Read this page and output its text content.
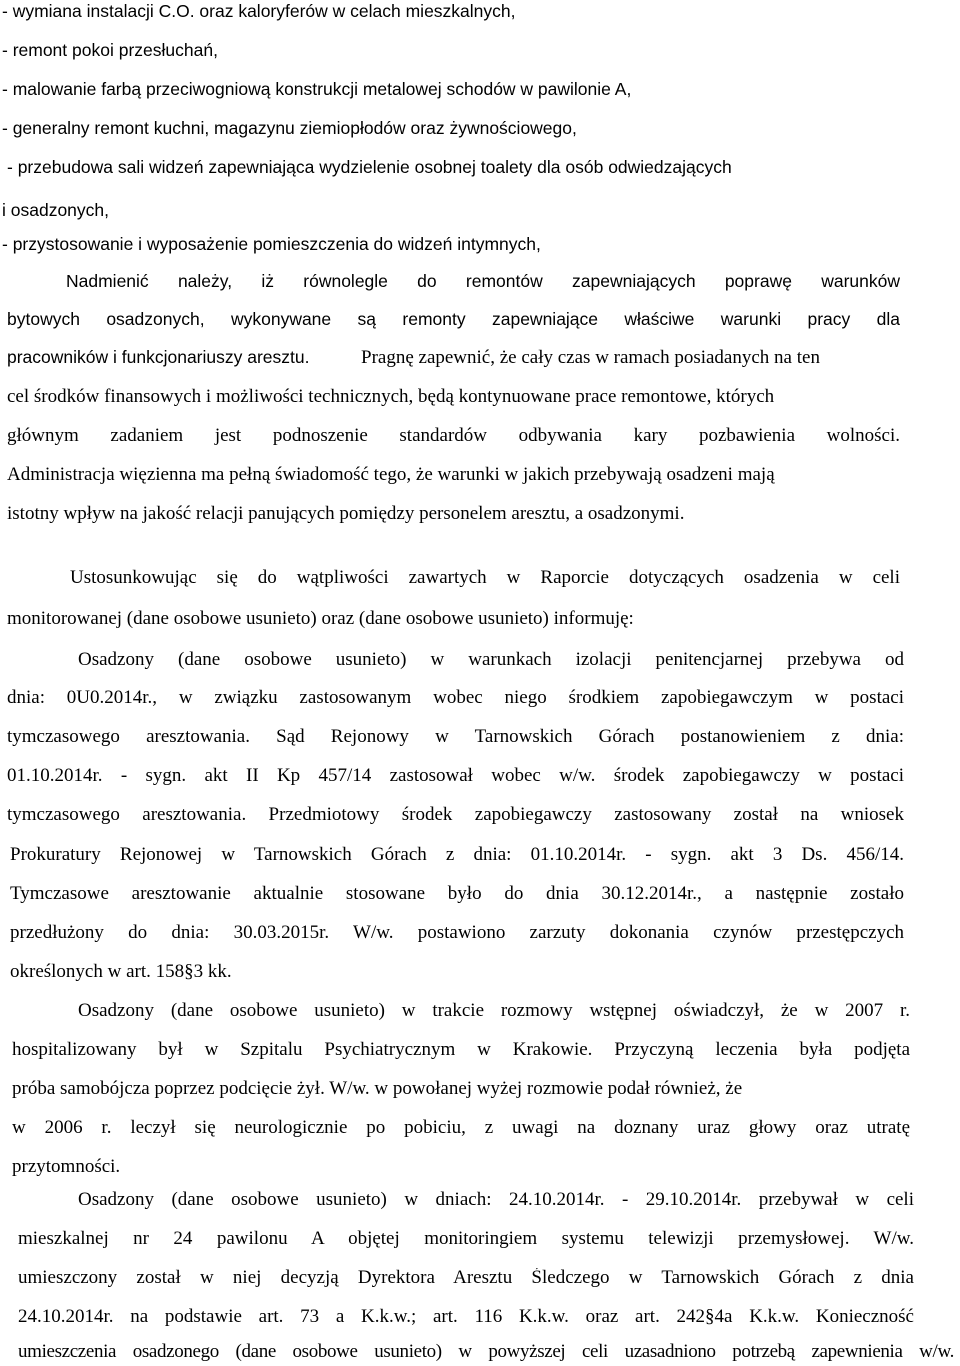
- wymiana instalacji C.O. oraz kaloryferów w celach mieszkalnych,
- remont pokoi przesłuchań,
- malowanie farbą przeciwogniową konstrukcji metalowej schodów w pawilonie A,
- generalny remont kuchni, magazynu ziemiopłodów oraz żywnościowego,
- przebudowa sali widzeń zapewniająca wydzielenie osobnej toalety dla osób odwiedzających
i osadzonych,
- przystosowanie i wyposażenie pomieszczenia do widzeń intymnych,
Nadmienić należy, iż równolegle do remontów zapewniających poprawę warunków
bytowych osadzonych, wykonywane są remonty zapewniające właściwe warunki pracy dla
pracowników i funkcjonariuszy aresztu.	Pragnę zapewnić, że cały czas w ramach posiadanych na ten
cel środków finansowych i możliwości technicznych, będą kontynuowane prace remontowe, których
głównym zadaniem jest podnoszenie standardów odbywania kary pozbawienia wolności.
Administracja więzienna ma pełną świadomość tego, że warunki w jakich przebywają osadzeni mają
istotny wpływ na jakość relacji panujących pomiędzy personelem aresztu, a osadzonymi.
Ustosunkowując się do wątpliwości zawartych w Raporcie dotyczących osadzenia w celi
monitorowanej (dane osobowe usunieto) oraz (dane osobowe usunieto) informuję:
Osadzony (dane osobowe usunieto) w warunkach izolacji penitencjarnej przebywa od
dnia: 0U0.2014r., w związku zastosowanym wobec niego środkiem zapobiegawczym w postaci
tymczasowego aresztowania. Sąd Rejonowy w Tarnowskich Górach postanowieniem z dnia:
01.10.2014r. - sygn. akt II Kp 457/14 zastosował wobec w/w. środek zapobiegawczy w postaci
tymczasowego aresztowania. Przedmiotowy środek zapobiegawczy zastosowany został na wniosek
Prokuratury Rejonowej w Tarnowskich Górach z dnia: 01.10.2014r. - sygn. akt 3 Ds. 456/14.
Tymczasowe aresztowanie aktualnie stosowane było do dnia 30.12.2014r., a następnie zostało
przedłużony do dnia: 30.03.2015r. W/w. postawiono zarzuty dokonania czynów przestępczych
określonych w art. 158§3 kk.
Osadzony (dane osobowe usunieto) w trakcie rozmowy wstępnej oświadczył, że w 2007 r.
hospitalizowany był w Szpitalu Psychiatrycznym w Krakowie. Przyczyną leczenia była podjęta
próba samobójcza poprzez podcięcie żył. W/w. w powołanej wyżej rozmowie podał również, że
w 2006 r. leczył się neurologicznie po pobiciu, z uwagi na doznany uraz głowy oraz utratę
przytomności.
Osadzony (dane osobowe usunieto) w dniach: 24.10.2014r. - 29.10.2014r. przebywał w celi
mieszkalnej nr 24 pawilonu A objętej monitoringiem systemu telewizji przemysłowej. W/w.
umieszczony został w niej decyzją Dyrektora Aresztu Śledczego w Tarnowskich Górach z dnia
24.10.2014r. na podstawie art. 73 a K.k.w.; art. 116 K.k.w. oraz art. 242§4a K.k.w. Konieczność
umieszczenia osadzonego (dane osobowe usunieto) w powyższej celi uzasadniono potrzebą zapewnienia w/w.
